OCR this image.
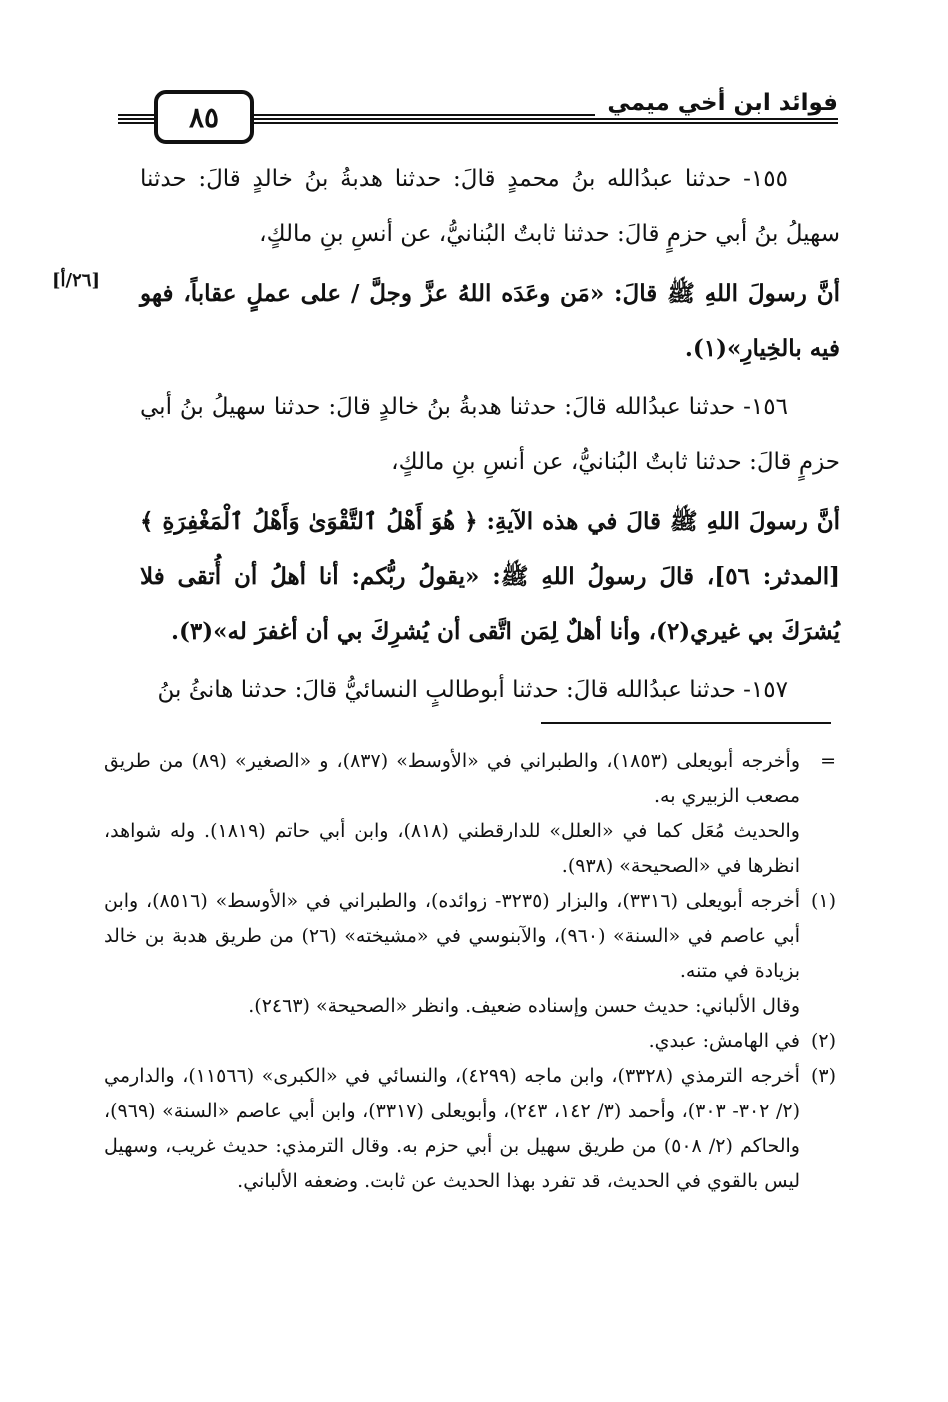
٨٥	فوائد ابن أخي ميمي
[٢٦/أ]

١٥٥- حدثنا عبدُالله بنُ محمدٍ قالَ: حدثنا هدبةُ بنُ خالدٍ قالَ: حدثنا سهيلُ بنُ أبي حزمٍ قالَ: حدثنا ثابتٌ البُنانيُّ، عن أنسِ بنِ مالكٍ،

أنَّ رسولَ اللهِ ﷺ قالَ: «مَن وعَدَه اللهُ عزَّ وجلَّ / على عملٍ عقاباً، فهو فيه بالخِيارِ»(١).

١٥٦- حدثنا عبدُالله قالَ: حدثنا هدبةُ بنُ خالدٍ قالَ: حدثنا سهيلُ بنُ أبي حزمٍ قالَ: حدثنا ثابتٌ البُنانيُّ، عن أنسِ بنِ مالكٍ،

أنَّ رسولَ اللهِ ﷺ قالَ في هذه الآيةِ: ﴿ هُوَ أَهْلُ ٱلتَّقْوَىٰ وَأَهْلُ ٱلْمَغْفِرَةِ ﴾ [المدثر: ٥٦]، قالَ رسولُ اللهِ ﷺ: «يقولُ ربُّكم: أنا أهلُ أن أُتقى فلا يُشرَكَ بي غيري(٢)، وأنا أهلٌ لِمَن اتَّقى أن يُشرِكَ بي أن أغفرَ له»(٣).

١٥٧- حدثنا عبدُالله قالَ: حدثنا أبوطالبٍ النسائيُّ قالَ: حدثنا هانئُ بنُ

=
وأخرجه أبويعلى (١٨٥٣)، والطبراني في «الأوسط» (٨٣٧)، و «الصغير» (٨٩) من طريق مصعب الزبيري به.

والحديث مُعَل كما في «العلل» للدارقطني (٨١٨)، وابن أبي حاتم (١٨١٩). وله شواهد، انظرها في «الصحيحة» (٩٣٨).

(١)
أخرجه أبويعلى (٣٣١٦)، والبزار (٣٢٣٥- زوائده)، والطبراني في «الأوسط» (٨٥١٦)، وابن أبي عاصم في «السنة» (٩٦٠)، والآبنوسي في «مشيخته» (٢٦) من طريق هدبة بن خالد بزيادة في متنه.

وقال الألباني: حديث حسن وإسناده ضعيف. وانظر «الصحيحة» (٢٤٦٣).

(٢)
في الهامش: عبدي.
(٣)
أخرجه الترمذي (٣٣٢٨)، وابن ماجه (٤٢٩٩)، والنسائي في «الكبرى» (١١٥٦٦)، والدارمي (٢/ ٣٠٢- ٣٠٣)، وأحمد (٣/ ١٤٢، ٢٤٣)، وأبويعلى (٣٣١٧)، وابن أبي عاصم «السنة» (٩٦٩)، والحاكم (٢/ ٥٠٨) من طريق سهيل بن أبي حزم به. وقال الترمذي: حديث غريب، وسهيل ليس بالقوي في الحديث، قد تفرد بهذا الحديث عن ثابت. وضعفه الألباني.
